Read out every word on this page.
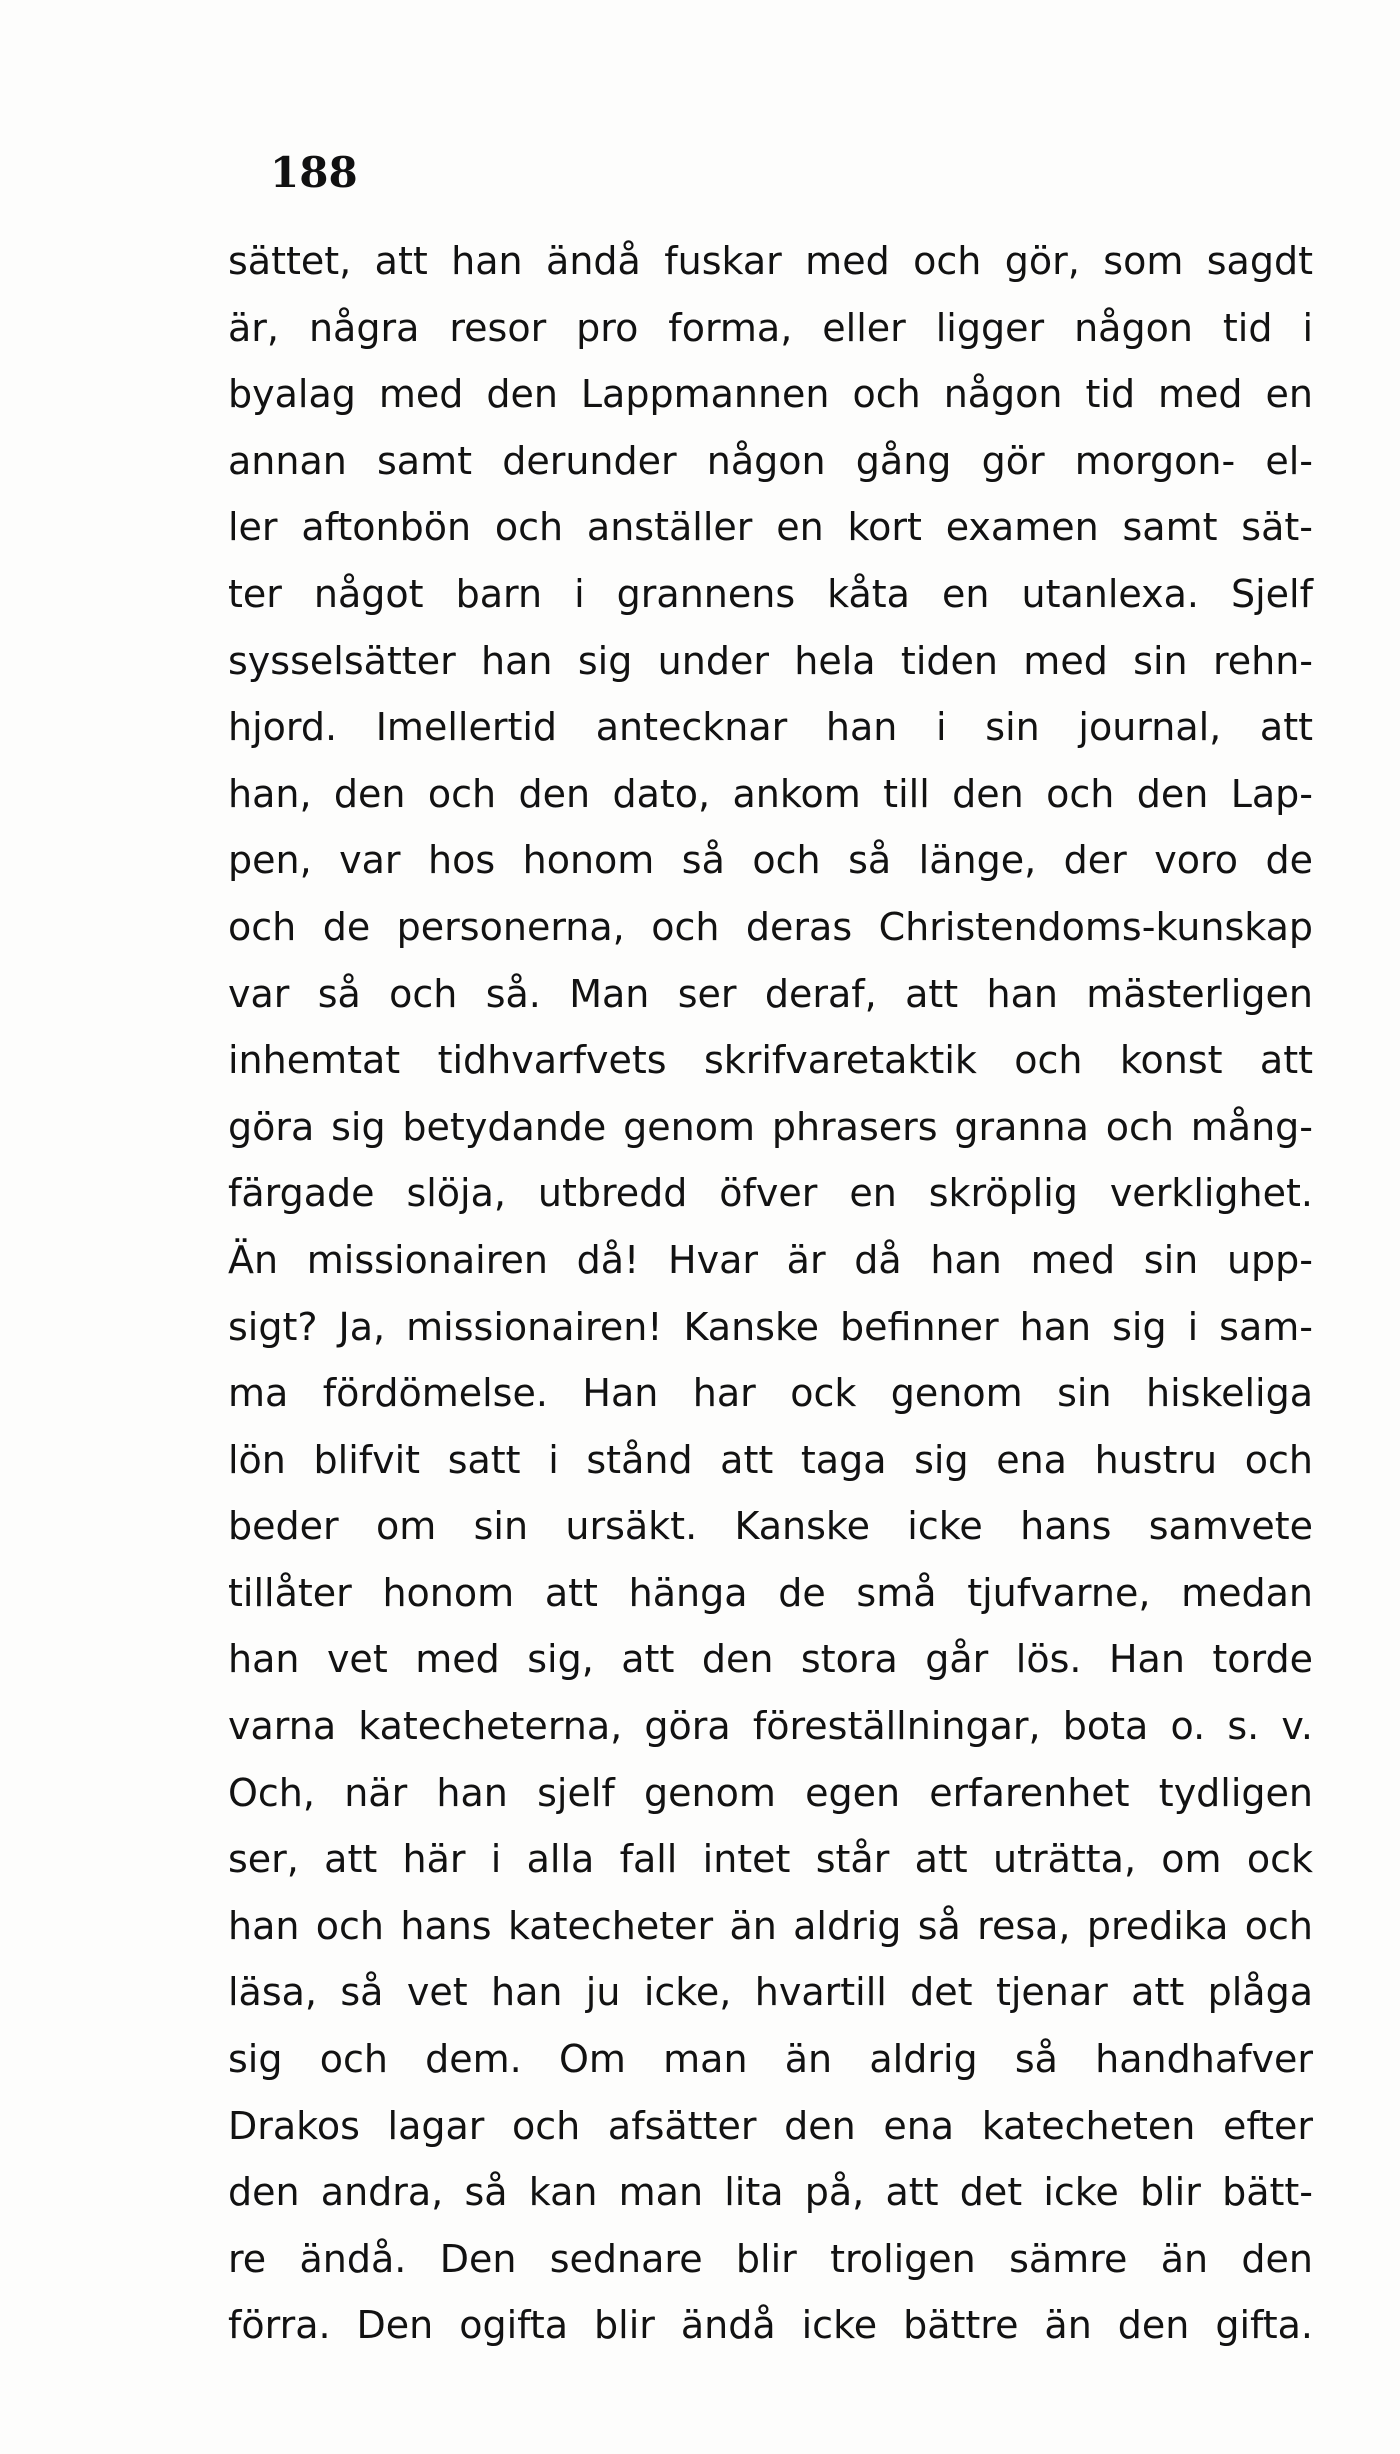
188
sättet, att han ändå fuskar med och gör, som sagdt
är, några resor pro forma, eller ligger någon tid i
byalag med den Lappmannen och någon tid med en
annan samt derunder någon gång gör morgon- el-
ler aftonbön och anställer en kort examen samt sät-
ter något barn i grannens kåta en utanlexa. Sjelf
sysselsätter han sig under hela tiden med sin rehn-
hjord. Imellertid antecknar han i sin journal, att
han, den och den dato, ankom till den och den Lap-
pen, var hos honom så och så länge, der voro de
och de personerna, och deras Christendoms-kunskap
var så och så. Man ser deraf, att han mästerligen
inhemtat tidhvarfvets skrifvaretaktik och konst att
göra sig betydande genom phrasers granna och mång-
färgade slöja, utbredd öfver en skröplig verklighet.
Än missionairen då! Hvar är då han med sin upp-
sigt? Ja, missionairen! Kanske befinner han sig i sam-
ma fördömelse. Han har ock genom sin hiskeliga
lön blifvit satt i stånd att taga sig ena hustru och
beder om sin ursäkt. Kanske icke hans samvete
tillåter honom att hänga de små tjufvarne, medan
han vet med sig, att den stora går lös. Han torde
varna katecheterna, göra föreställningar, bota o. s. v.
Och, när han sjelf genom egen erfarenhet tydligen
ser, att här i alla fall intet står att uträtta, om ock
han och hans katecheter än aldrig så resa, predika och
läsa, så vet han ju icke, hvartill det tjenar att plåga
sig och dem. Om man än aldrig så handhafver
Drakos lagar och afsätter den ena katecheten efter
den andra, så kan man lita på, att det icke blir bätt-
re ändå. Den sednare blir troligen sämre än den
förra. Den ogifta blir ändå icke bättre än den gifta.
